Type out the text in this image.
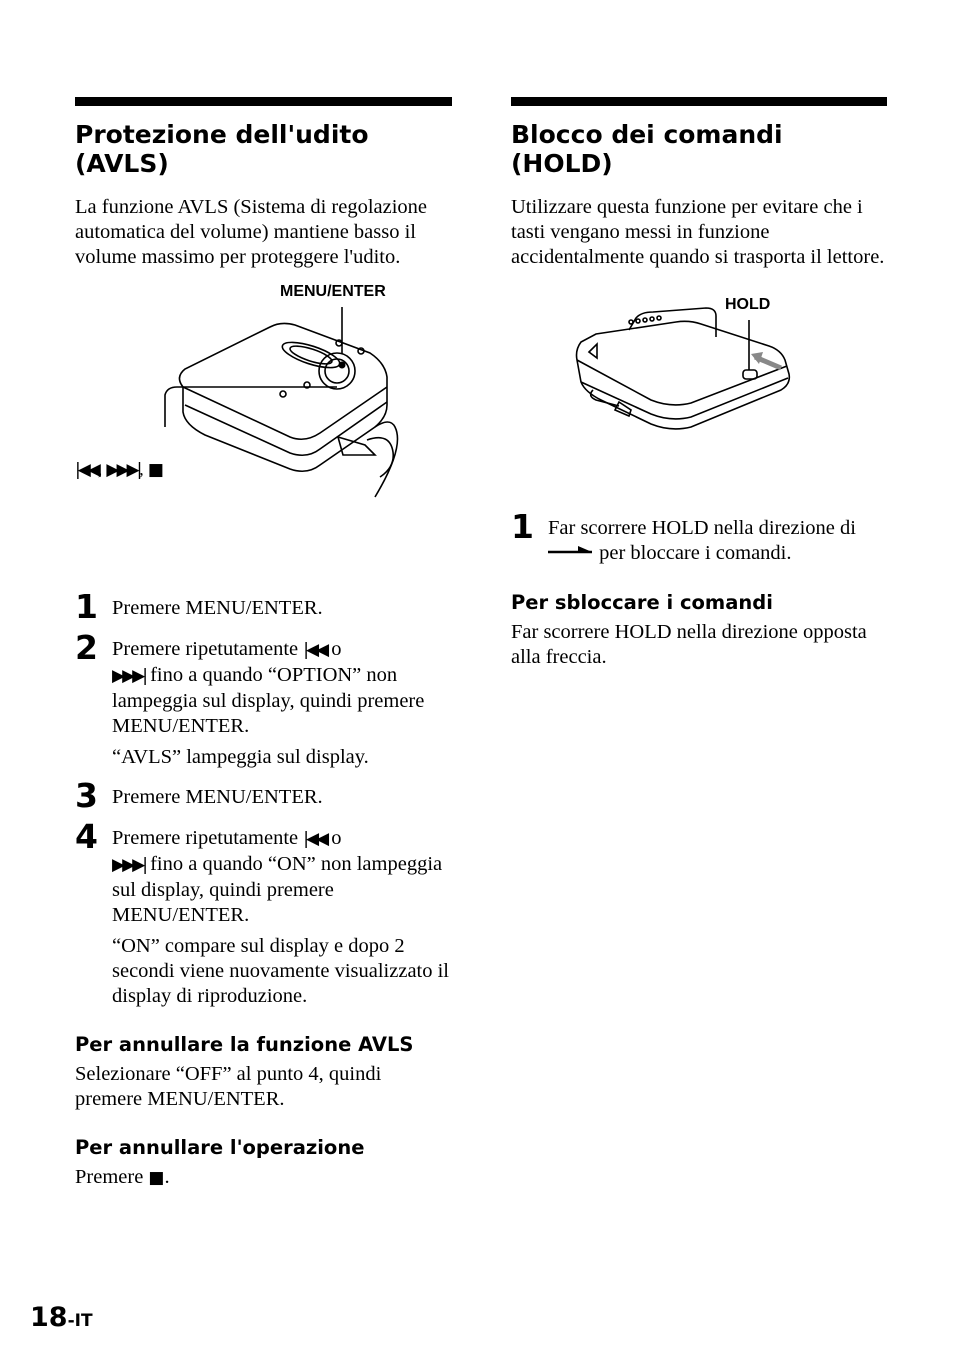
Protezione dell'udito
(AVLS)

La funzione AVLS (Sistema di regolazione automatica del volume) mantiene basso il volume massimo per proteggere l'udito.

MENU/ENTER
|◀◀, ▶▶▶|, ■
1 Premere MENU/ENTER.
2 Premere ripetutamente |◀◀ o
▶▶▶| fino a quando “OPTION” non lampeggia sul display, quindi premere MENU/ENTER.

“AVLS” lampeggia sul display.

3 Premere MENU/ENTER.
4 Premere ripetutamente |◀◀ o
▶▶▶| fino a quando “ON” non lampeggia sul display, quindi premere MENU/ENTER.

“ON” compare sul display e dopo 2 secondi viene nuovamente visualizzato il display di riproduzione.

Per annullare la funzione AVLS

Selezionare “OFF” al punto 4, quindi premere MENU/ENTER.

Per annullare l'operazione

Premere ■.

Blocco dei comandi
(HOLD)

Utilizzare questa funzione per evitare che i tasti vengano messi in funzione accidentalmente quando si trasporta il lettore.

HOLD
1 Far scorrere HOLD nella direzione di
per bloccare i comandi.
Per sbloccare i comandi

Far scorrere HOLD nella direzione opposta alla freccia.

18-IT
